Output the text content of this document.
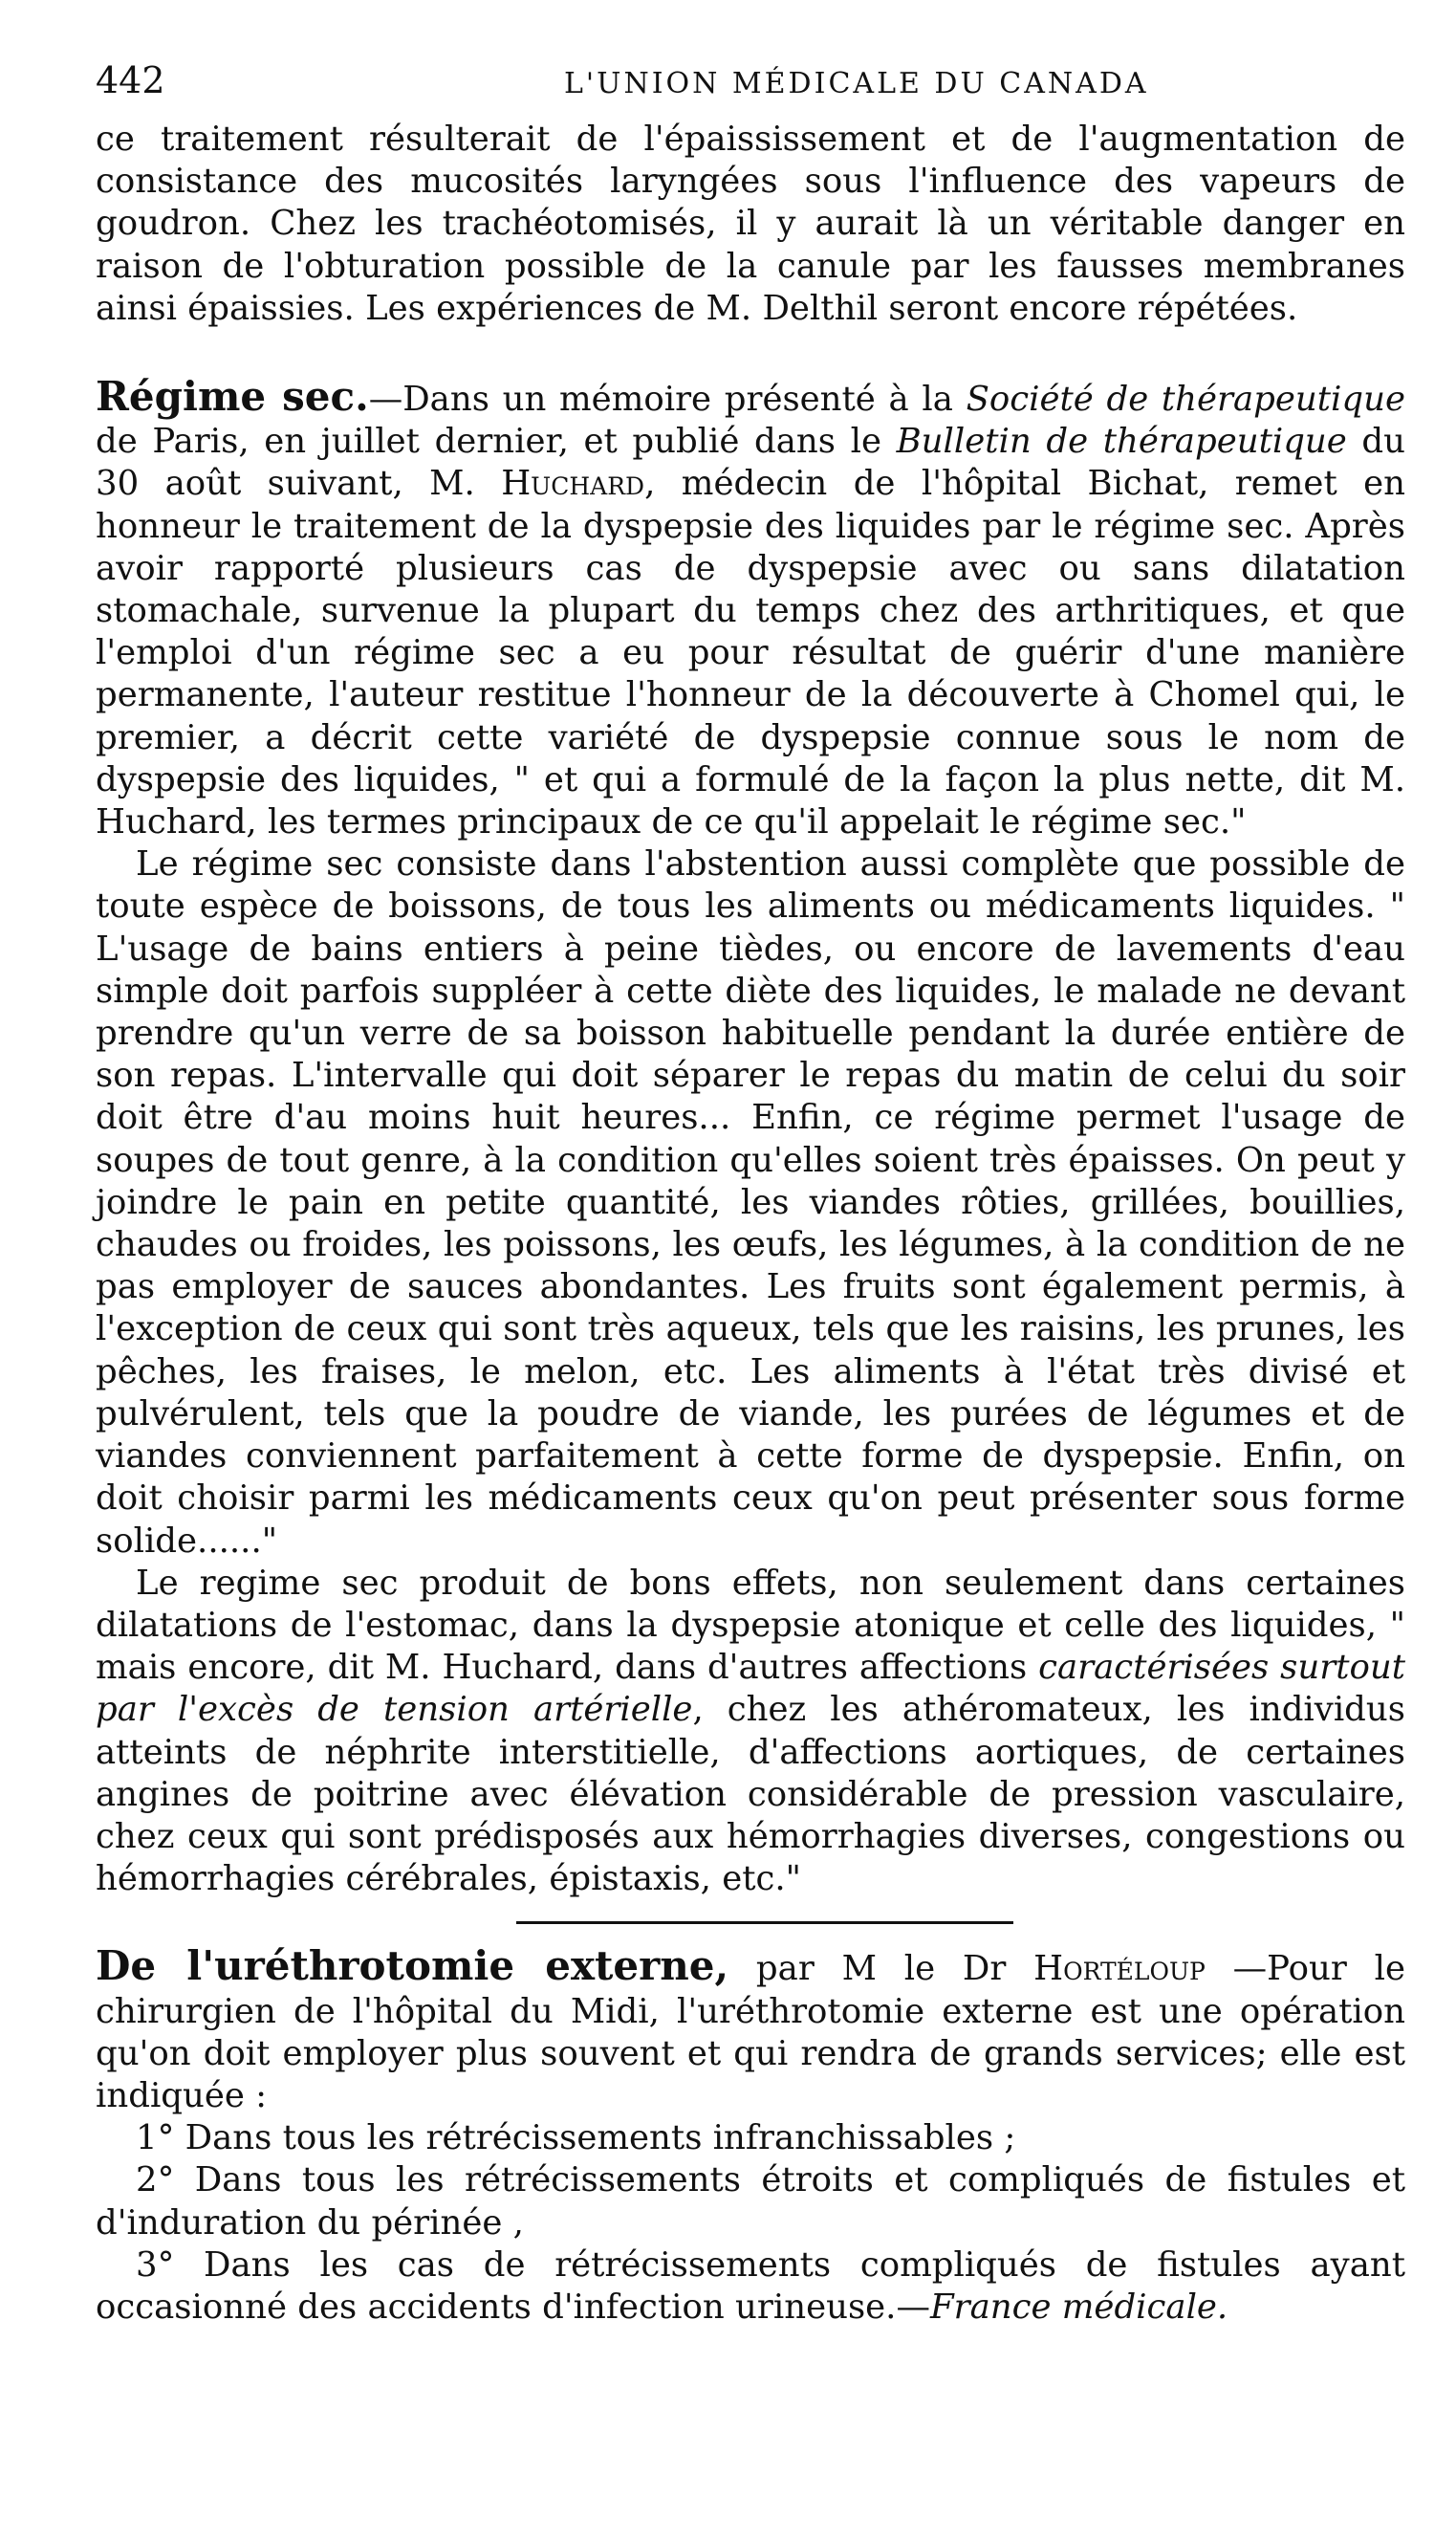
442	L'UNION MÉDICALE DU CANADA

ce traitement résulterait de l'épaississement et de l'augmentation de consistance des mucosités laryngées sous l'influence des vapeurs de goudron. Chez les trachéotomisés, il y aurait là un véritable danger en raison de l'obturation possible de la canule par les fausses membranes ainsi épaissies. Les expériences de M. Delthil seront encore répétées.

Régime sec.—Dans un mémoire présenté à la Société de thérapeutique de Paris, en juillet dernier, et publié dans le Bulletin de thérapeutique du 30 août suivant, M. Huchard, médecin de l'hôpital Bichat, remet en honneur le traitement de la dyspepsie des liquides par le régime sec. Après avoir rapporté plusieurs cas de dyspepsie avec ou sans dilatation stomachale, survenue la plupart du temps chez des arthritiques, et que l'emploi d'un régime sec a eu pour résultat de guérir d'une manière permanente, l'auteur restitue l'honneur de la découverte à Chomel qui, le premier, a décrit cette variété de dyspepsie connue sous le nom de dyspepsie des liquides, " et qui a formulé de la façon la plus nette, dit M. Huchard, les termes principaux de ce qu'il appelait le régime sec."

Le régime sec consiste dans l'abstention aussi complète que possible de toute espèce de boissons, de tous les aliments ou médicaments liquides. " L'usage de bains entiers à peine tièdes, ou encore de lavements d'eau simple doit parfois suppléer à cette diète des liquides, le malade ne devant prendre qu'un verre de sa boisson habituelle pendant la durée entière de son repas. L'intervalle qui doit séparer le repas du matin de celui du soir doit être d'au moins huit heures... Enfin, ce régime permet l'usage de soupes de tout genre, à la condition qu'elles soient très épaisses. On peut y joindre le pain en petite quantité, les viandes rôties, grillées, bouillies, chaudes ou froides, les poissons, les œufs, les légumes, à la condition de ne pas employer de sauces abondantes. Les fruits sont également permis, à l'exception de ceux qui sont très aqueux, tels que les raisins, les prunes, les pêches, les fraises, le melon, etc. Les aliments à l'état très divisé et pulvérulent, tels que la poudre de viande, les purées de légumes et de viandes conviennent parfaitement à cette forme de dyspepsie. Enfin, on doit choisir parmi les médicaments ceux qu'on peut présenter sous forme solide......"

Le regime sec produit de bons effets, non seulement dans certaines dilatations de l'estomac, dans la dyspepsie atonique et celle des liquides, " mais encore, dit M. Huchard, dans d'autres affections caractérisées surtout par l'excès de tension artérielle, chez les athéromateux, les individus atteints de néphrite interstitielle, d'affections aortiques, de certaines angines de poitrine avec élévation considérable de pression vasculaire, chez ceux qui sont prédisposés aux hémorrhagies diverses, congestions ou hémorrhagies cérébrales, épistaxis, etc."

De l'uréthrotomie externe, par M le Dr Hortéloup —Pour le chirurgien de l'hôpital du Midi, l'uréthrotomie externe est une opération qu'on doit employer plus souvent et qui rendra de grands services; elle est indiquée :

1° Dans tous les rétrécissements infranchissables ;

2° Dans tous les rétrécissements étroits et compliqués de fistules et d'induration du périnée ,

3° Dans les cas de rétrécissements compliqués de fistules ayant occasionné des accidents d'infection urineuse.—France médicale.
